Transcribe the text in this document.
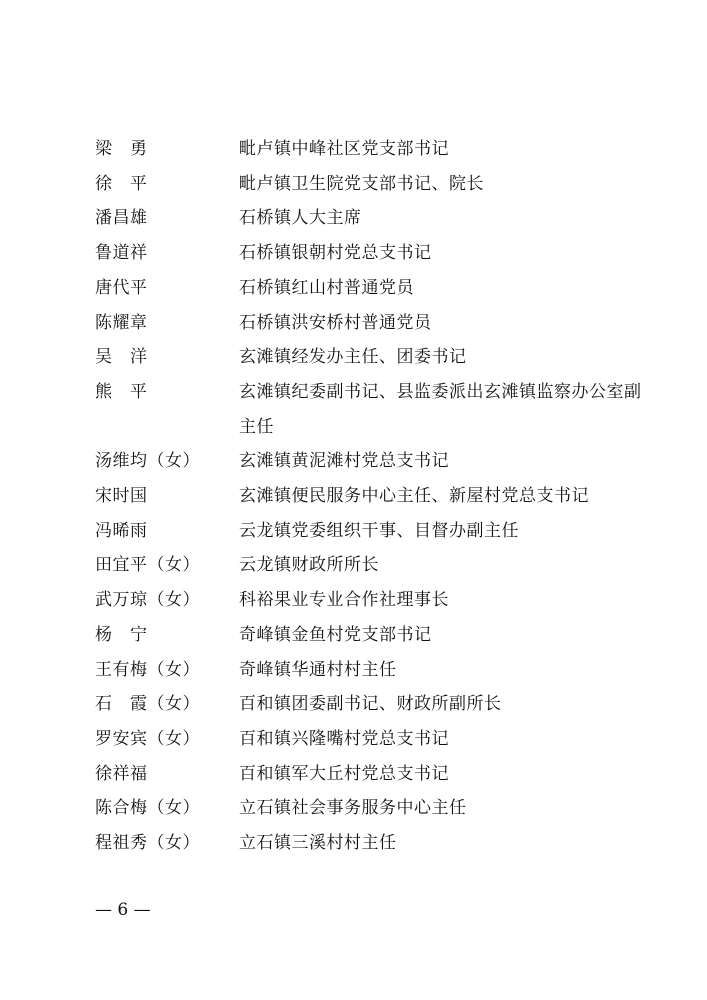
梁　勇	毗卢镇中峰社区党支部书记
徐　平	毗卢镇卫生院党支部书记、院长
潘昌雄	石桥镇人大主席
鲁道祥	石桥镇银朝村党总支书记
唐代平	石桥镇红山村普通党员
陈耀章	石桥镇洪安桥村普通党员
吴　洋	玄滩镇经发办主任、团委书记
熊　平	玄滩镇纪委副书记、县监委派出玄滩镇监察办公室副主任
汤维均（女）	玄滩镇黄泥滩村党总支书记
宋时国	玄滩镇便民服务中心主任、新屋村党总支书记
冯晞雨	云龙镇党委组织干事、目督办副主任
田宜平（女）	云龙镇财政所所长
武万琼（女）	科裕果业专业合作社理事长
杨　宁	奇峰镇金鱼村党支部书记
王有梅（女）	奇峰镇华通村村主任
石　霞（女）	百和镇团委副书记、财政所副所长
罗安宾（女）	百和镇兴隆嘴村党总支书记
徐祥福	百和镇军大丘村党总支书记
陈合梅（女）	立石镇社会事务服务中心主任
程祖秀（女）	立石镇三溪村村主任
— 6 —
